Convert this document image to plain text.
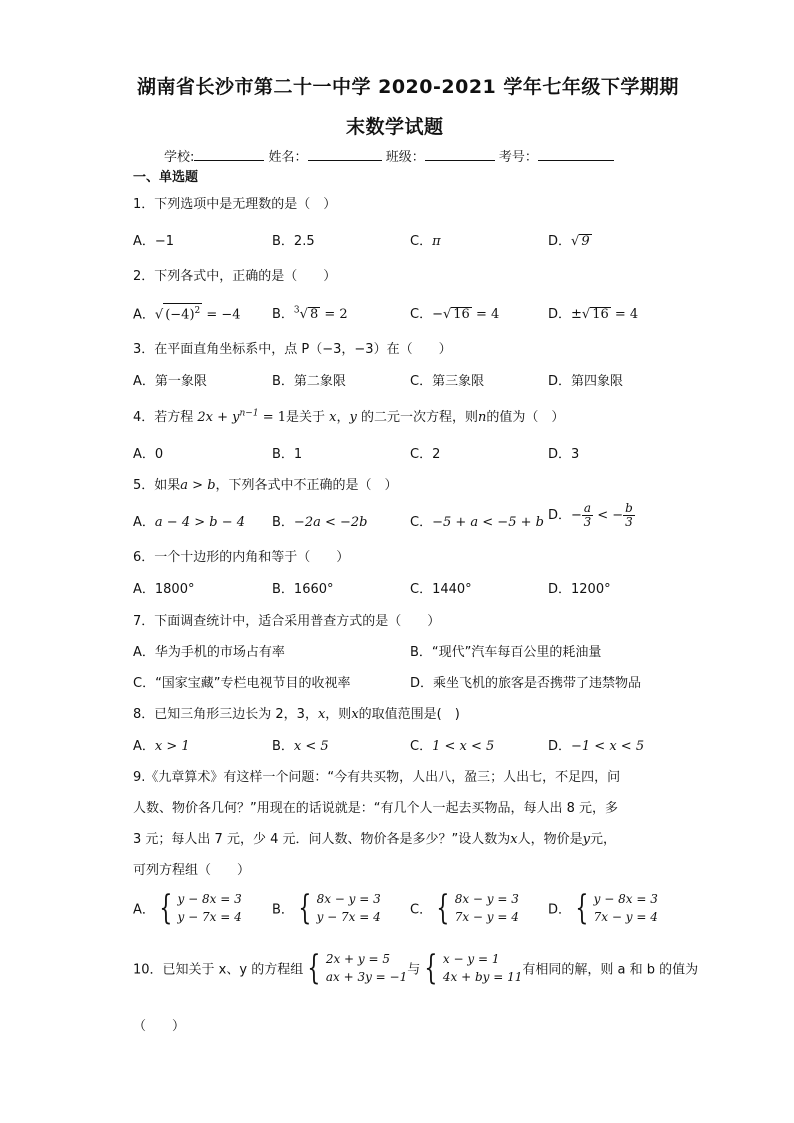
湖南省长沙市第二十一中学 2020-2021 学年七年级下学期期
末数学试题
学校:	姓名：	班级：	考号：
一、单选题
1．下列选项中是无理数的是（　）
A．−1	B．2.5	C．π	D．√ 9
2．下列各式中，正确的是（　　）
A．√ $(-4)^2 = -4$ B．$^3$√ 8 = 2	C．−√ 16 = 4	D．±√ 16 = 4
3．在平面直角坐标系中，点 P（−3，−3）在（　　）
A．第一象限	B．第二象限	C．第三象限	D．第四象限
4．若方程 $2x + y^{n-1} = 1$是关于 x，y 的二元一次方程，则n的值为（　）
A．0	B．1	C．2	D．3
5．如果a > b，下列各式中不正确的是（　）
A．a − 4 > b − 4 B．−2a < −2b	C．−5 + a < −5 + b D．− $\frac{a}{3}$ < − $\frac{b}{3}$
6．一个十边形的内角和等于（　　）
A．1800°	B．1660°	C．1440°	D．1200°
7．下面调查统计中，适合采用普查方式的是（　　）
A．华为手机的市场占有率	B．“现代”汽车每百公里的耗油量
C．“国家宝藏”专栏电视节目的收视率	D．乘坐飞机的旅客是否携带了违禁物品
8．已知三角形三边长为 2，3，x，则x的取值范围是(　)
A．x > 1	B．x < 5	C．1 < x < 5	D．−1 < x < 5
9.《九章算术》有这样一个问题：“今有共买物，人出八，盈三；人出七，不足四，问
人数、物价各几何？”用现在的话说就是：“有几个人一起去买物品，每人出 8 元，多
3 元；每人出 7 元，少 4 元．问人数、物价各是多少？”设人数为x人，物价是y元，
可列方程组（　　）
A． { y − 8x = 3
y − 7x = 4 B． { 8x − y = 3
y − 7x = 4 C． { 8x − y = 3
7x − y = 4 D． { y − 8x = 3
7x − y = 4
10．已知关于 x、y 的方程组 { 2x + y = 5
ax + 3y = −1 与 { x − y = 1
4x + by = 11 有相同的解，则 a 和 b 的值为
（　　）
